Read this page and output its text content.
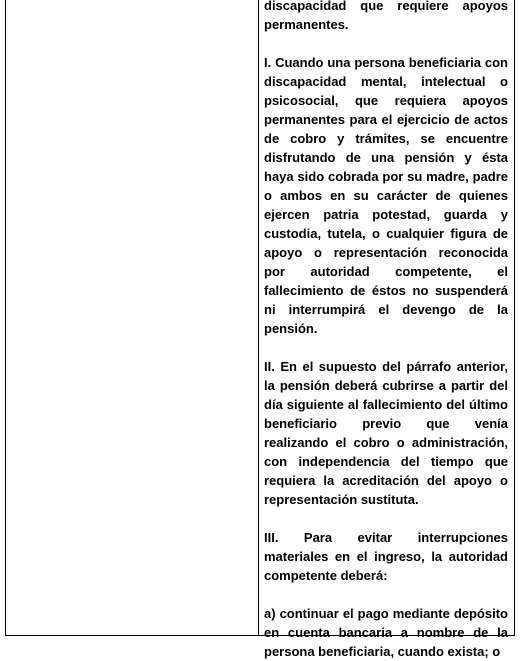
discapacidad que requiere apoyos permanentes.

I. Cuando una persona beneficiaria con discapacidad mental, intelectual o psicosocial, que requiera apoyos permanentes para el ejercicio de actos de cobro y trámites, se encuentre disfrutando de una pensión y ésta haya sido cobrada por su madre, padre o ambos en su carácter de quienes ejercen patria potestad, guarda y custodia, tutela, o cualquier figura de apoyo o representación reconocida por autoridad competente, el fallecimiento de éstos no suspenderá ni interrumpirá el devengo de la pensión.

II. En el supuesto del párrafo anterior, la pensión deberá cubrirse a partir del día siguiente al fallecimiento del último beneficiario previo que venía realizando el cobro o administración, con independencia del tiempo que requiera la acreditación del apoyo o representación sustituta.

III. Para evitar interrupciones materiales en el ingreso, la autoridad competente deberá:

a) continuar el pago mediante depósito en cuenta bancaria a nombre de la persona beneficiaria, cuando exista; o
